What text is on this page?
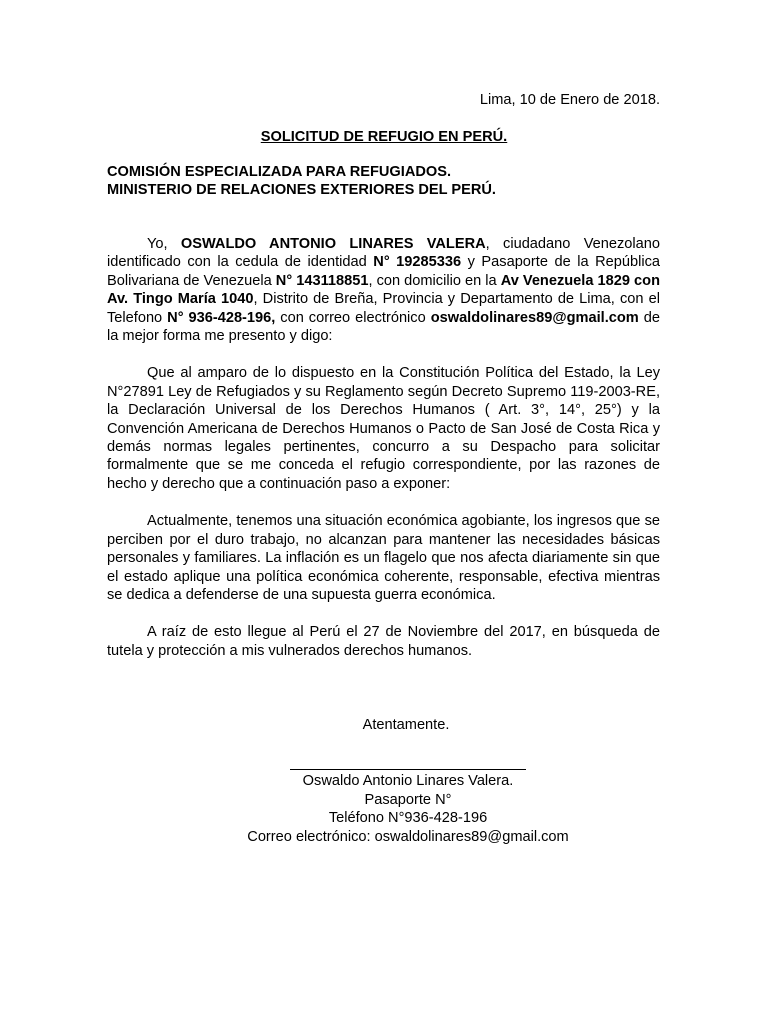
Lima, 10 de Enero de 2018.
SOLICITUD DE REFUGIO EN PERÚ.
COMISIÓN ESPECIALIZADA PARA REFUGIADOS.
MINISTERIO DE RELACIONES EXTERIORES DEL PERÚ.

Yo, OSWALDO ANTONIO LINARES VALERA, ciudadano Venezolano identificado con la cedula de identidad N° 19285336 y Pasaporte de la República Bolivariana de Venezuela N° 143118851, con domicilio en la Av Venezuela 1829 con Av. Tingo María 1040, Distrito de Breña, Provincia y Departamento de Lima, con el Telefono N° 936-428-196, con correo electrónico oswaldolinares89@gmail.com de la mejor forma me presento y digo:

Que al amparo de lo dispuesto en la Constitución Política del Estado, la Ley N°27891 Ley de Refugiados y su Reglamento según Decreto Supremo 119-2003-RE, la Declaración Universal de los Derechos Humanos ( Art. 3°, 14°, 25°) y la Convención Americana de Derechos Humanos o Pacto de San José de Costa Rica y demás normas legales pertinentes, concurro a su Despacho para solicitar formalmente que se me conceda el refugio correspondiente, por las razones de hecho y derecho que a continuación paso a exponer:

Actualmente, tenemos una situación económica agobiante, los ingresos que se perciben por el duro trabajo, no alcanzan para mantener las necesidades básicas personales y familiares. La inflación es un flagelo que nos afecta diariamente sin que el estado aplique una política económica coherente, responsable, efectiva mientras se dedica a defenderse de una supuesta guerra económica.

A raíz de esto llegue al Perú el 27 de Noviembre del 2017, en búsqueda de tutela y protección a mis vulnerados derechos humanos.

Atentamente.
Oswaldo Antonio Linares Valera.
Pasaporte N°
Teléfono N°936-428-196
Correo electrónico: oswaldolinares89@gmail.com
